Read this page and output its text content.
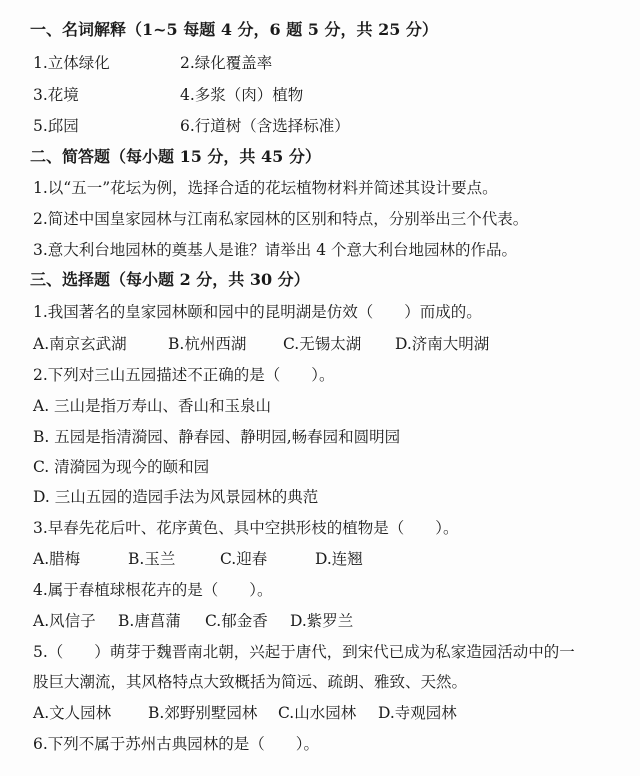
一、名词解释（1~5 每题 4 分，6 题 5 分，共 25 分）
1.立体绿化	2.绿化覆盖率
3.花境	4.多浆（肉）植物
5.邱园	6.行道树（含选择标准）
二、简答题（每小题 15 分，共 45 分）
1.以“五一”花坛为例，选择合适的花坛植物材料并简述其设计要点。
2.简述中国皇家园林与江南私家园林的区别和特点，分别举出三个代表。
3.意大利台地园林的奠基人是谁？请举出 4 个意大利台地园林的作品。
三、选择题（每小题 2 分，共 30 分）
1.我国著名的皇家园林颐和园中的昆明湖是仿效（　　）而成的。
A.南京玄武湖	B.杭州西湖 C.无锡太湖 D.济南大明湖
2.下列对三山五园描述不正确的是（　　）。
A. 三山是指万寿山、香山和玉泉山
B. 五园是指清漪园、静春园、静明园,畅春园和圆明园
C. 清漪园为现今的颐和园
D. 三山五园的造园手法为风景园林的典范
3.早春先花后叶、花序黄色、具中空拱形枝的植物是（　　）。
A.腊梅	B.玉兰	C.迎春	D.连翘
4.属于春植球根花卉的是（　　）。
A.风信子 B.唐菖蒲 C.郁金香 D.紫罗兰
5.（　　）萌芽于魏晋南北朝，兴起于唐代，到宋代已成为私家造园活动中的一
股巨大潮流，其风格特点大致概括为简远、疏朗、雅致、天然。
A.文人园林 B.郊野别墅园林 C.山水园林 D.寺观园林
6.下列不属于苏州古典园林的是（　　）。
